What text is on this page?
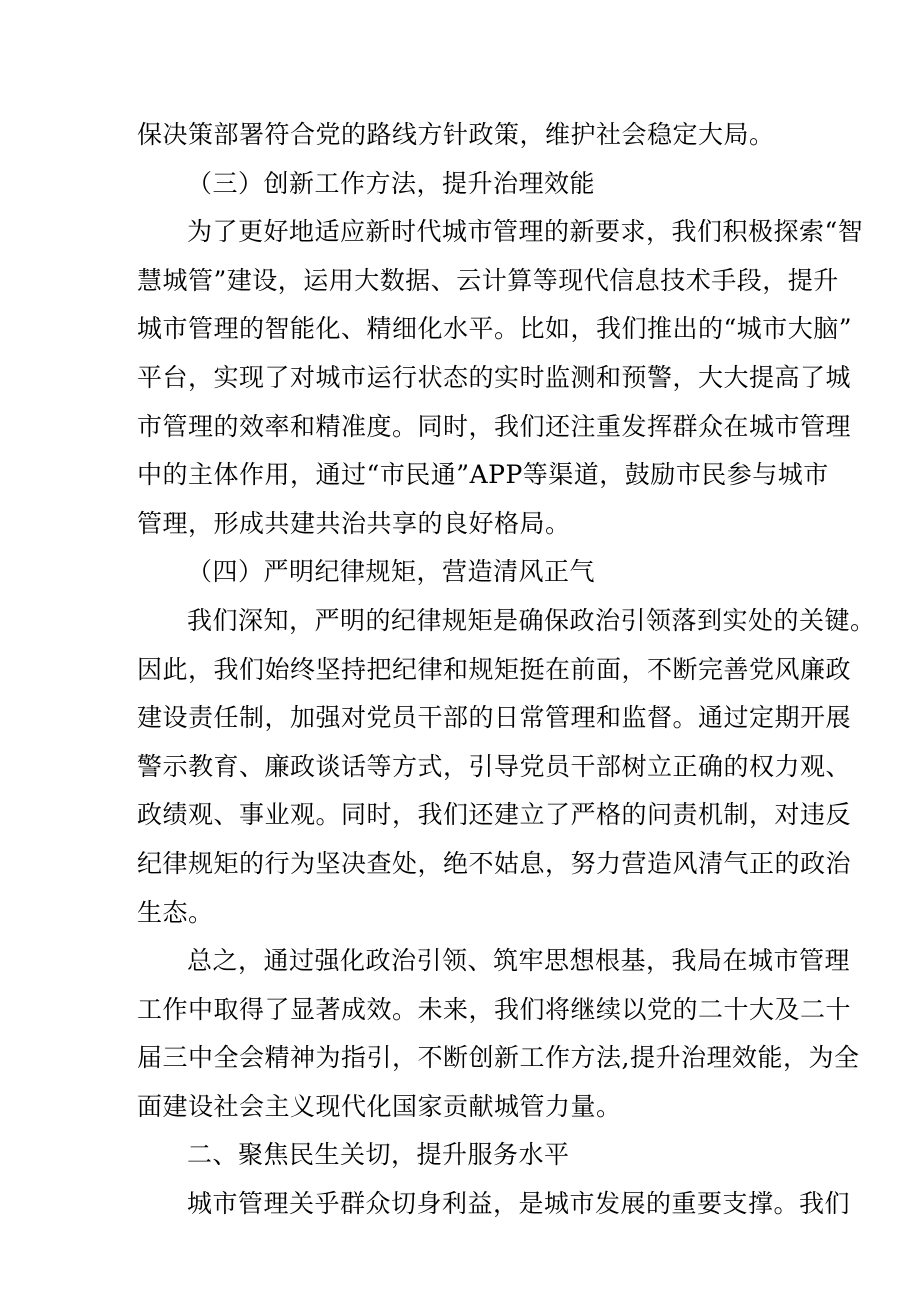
保决策部署符合党的路线方针政策，维护社会稳定大局。
（三）创新工作方法，提升治理效能
为了更好地适应新时代城市管理的新要求，我们积极探索“智
慧城管”建设，运用大数据、云计算等现代信息技术手段，提升
城市管理的智能化、精细化水平。比如，我们推出的“城市大脑”
平台，实现了对城市运行状态的实时监测和预警，大大提高了城
市管理的效率和精准度。同时，我们还注重发挥群众在城市管理
中的主体作用，通过“市民通”APP等渠道，鼓励市民参与城市
管理，形成共建共治共享的良好格局。
（四）严明纪律规矩，营造清风正气
我们深知，严明的纪律规矩是确保政治引领落到实处的关键。
因此，我们始终坚持把纪律和规矩挺在前面，不断完善党风廉政
建设责任制，加强对党员干部的日常管理和监督。通过定期开展
警示教育、廉政谈话等方式，引导党员干部树立正确的权力观、
政绩观、事业观。同时，我们还建立了严格的问责机制，对违反
纪律规矩的行为坚决查处，绝不姑息，努力营造风清气正的政治
生态。
总之，通过强化政治引领、筑牢思想根基，我局在城市管理
工作中取得了显著成效。未来，我们将继续以党的二十大及二十
届三中全会精神为指引，不断创新工作方法,提升治理效能，为全
面建设社会主义现代化国家贡献城管力量。
二、聚焦民生关切，提升服务水平
城市管理关乎群众切身利益，是城市发展的重要支撑。我们
